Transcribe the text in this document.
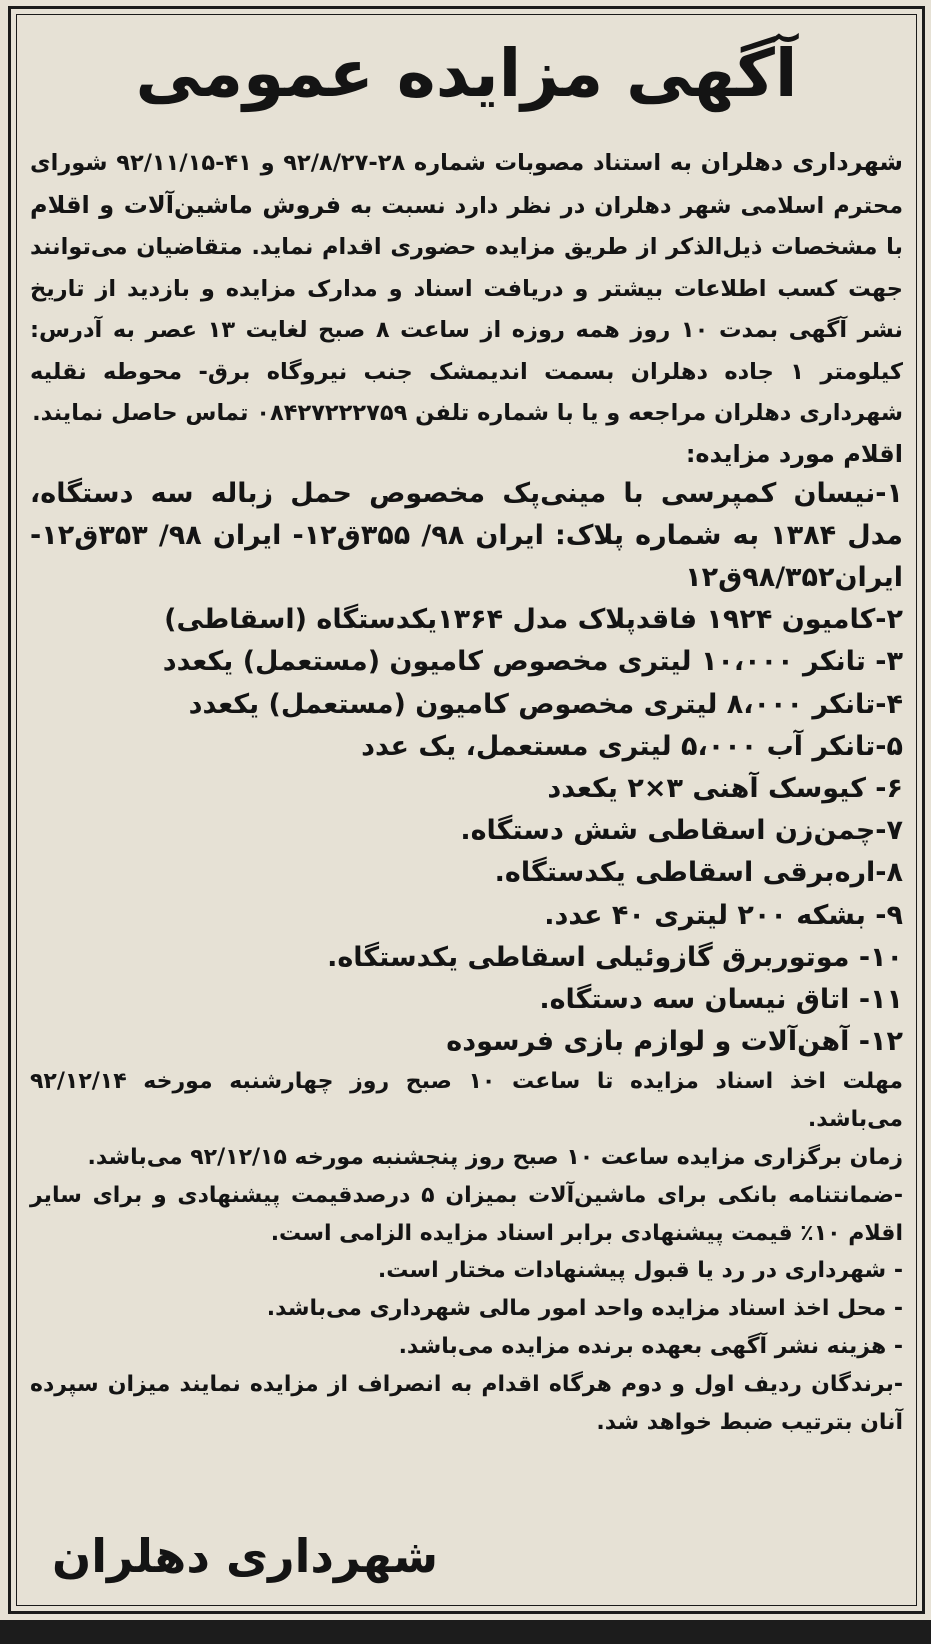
آگهی مزایده عمومی

شهرداری دهلران به استناد مصوبات شماره ۲۸-۹۲/۸/۲۷ و ۴۱-۹۲/۱۱/۱۵ شورای محترم اسلامی شهر دهلران در نظر دارد نسبت به فروش ماشین‌آلات و اقلام با مشخصات ذیل‌الذکر از طریق مزایده حضوری اقدام نماید. متقاضیان می‌توانند جهت کسب اطلاعات بیشتر و دریافت اسناد و مدارک مزایده و بازدید از تاریخ نشر آگهی بمدت ۱۰ روز همه روزه از ساعت ۸ صبح لغایت ۱۳ عصر به آدرس: کیلومتر ۱ جاده دهلران بسمت اندیمشک جنب نیروگاه برق- محوطه نقلیه شهرداری دهلران مراجعه و یا با شماره تلفن ۰۸۴۲۷۲۲۲۷۵۹ تماس حاصل نمایند.

اقلام مورد مزایده:

۱-نیسان کمپرسی با مینی‌پک مخصوص حمل زباله سه دستگاه، مدل ۱۳۸۴ به شماره پلاک: ایران ۹۸/ ۳۵۵ق۱۲- ایران ۹۸/ ۳۵۳ق۱۲- ایران۹۸/۳۵۲ق۱۲

۲-کامیون ۱۹۲۴ فاقدپلاک مدل ۱۳۶۴یکدستگاه (اسقاطی)

۳- تانکر ۱۰،۰۰۰ لیتری مخصوص کامیون (مستعمل) یکعدد

۴-تانکر ۸،۰۰۰ لیتری مخصوص کامیون (مستعمل) یکعدد

۵-تانکر آب ۵،۰۰۰ لیتری مستعمل، یک عدد

۶- کیوسک آهنی ۳×۲ یکعدد

۷-چمن‌زن اسقاطی شش دستگاه.

۸-اره‌برقی اسقاطی یکدستگاه.

۹- بشکه ۲۰۰ لیتری ۴۰ عدد.

۱۰- موتوربرق گازوئیلی اسقاطی یکدستگاه.

۱۱- اتاق نیسان سه دستگاه.

۱۲- آهن‌آلات و لوازم بازی فرسوده

مهلت اخذ اسناد مزایده تا ساعت ۱۰ صبح روز چهارشنبه مورخه ۹۲/۱۲/۱۴ می‌باشد.

زمان برگزاری مزایده ساعت ۱۰ صبح روز پنجشنبه مورخه ۹۲/۱۲/۱۵ می‌باشد.

-ضمانتنامه بانکی برای ماشین‌آلات بمیزان ۵ درصدقیمت پیشنهادی و برای سایر اقلام ۱۰٪ قیمت پیشنهادی برابر اسناد مزایده الزامی است.

- شهرداری در رد یا قبول پیشنهادات مختار است.

- محل اخذ اسناد مزایده واحد امور مالی شهرداری می‌باشد.

- هزینه نشر آگهی بعهده برنده مزایده می‌باشد.

-برندگان ردیف اول و دوم هرگاه اقدام به انصراف از مزایده نمایند میزان سپرده آنان بترتیب ضبط خواهد شد.

شهرداری دهلران
